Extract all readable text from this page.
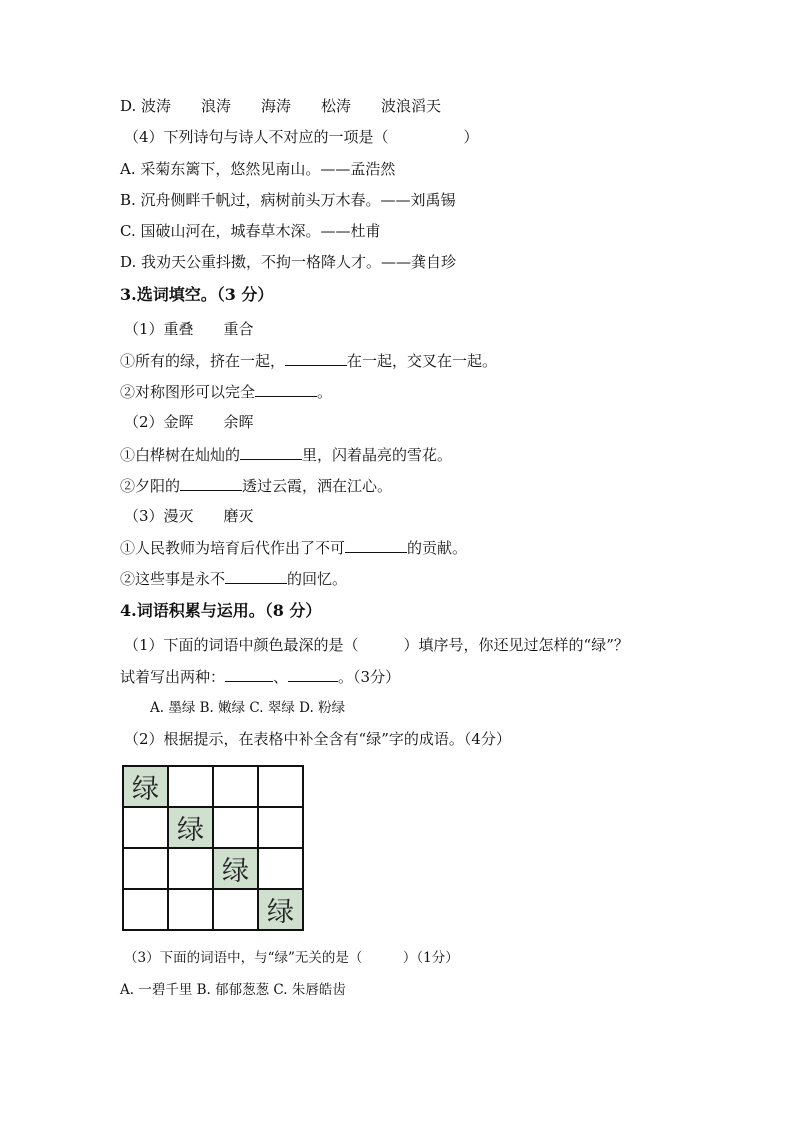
D. 波涛　　浪涛　　海涛　　松涛　　波浪滔天
（4）下列诗句与诗人不对应的一项是（　　　　　）
A. 采菊东篱下，悠然见南山。——孟浩然
B. 沉舟侧畔千帆过，病树前头万木春。——刘禹锡
C. 国破山河在，城春草木深。——杜甫
D. 我劝天公重抖擞，不拘一格降人才。——龚自珍
3.选词填空。（3 分）
（1）重叠　　重合
①所有的绿，挤在一起，	在一起，交叉在一起。
②对称图形可以完全	。
（2）金晖　　余晖
①白桦树在灿灿的	里，闪着晶亮的雪花。
②夕阳的	透过云霞，洒在江心。
（3）漫灭　　磨灭
①人民教师为培育后代作出了不可	的贡献。
②这些事是永不	的回忆。
4.词语积累与运用。（8 分）
（1）下面的词语中颜色最深的是（　　　）填序号，你还见过怎样的“绿”？
试着写出两种：	、	。（3分）
A. 墨绿 B. 嫩绿 C. 翠绿 D. 粉绿
（2）根据提示，在表格中补全含有“绿”字的成语。（4分）
绿			
	绿		
		绿	
			绿
（3）下面的词语中，与“绿”无关的是（　　　）（1分）
A. 一碧千里 B. 郁郁葱葱 C. 朱唇皓齿
